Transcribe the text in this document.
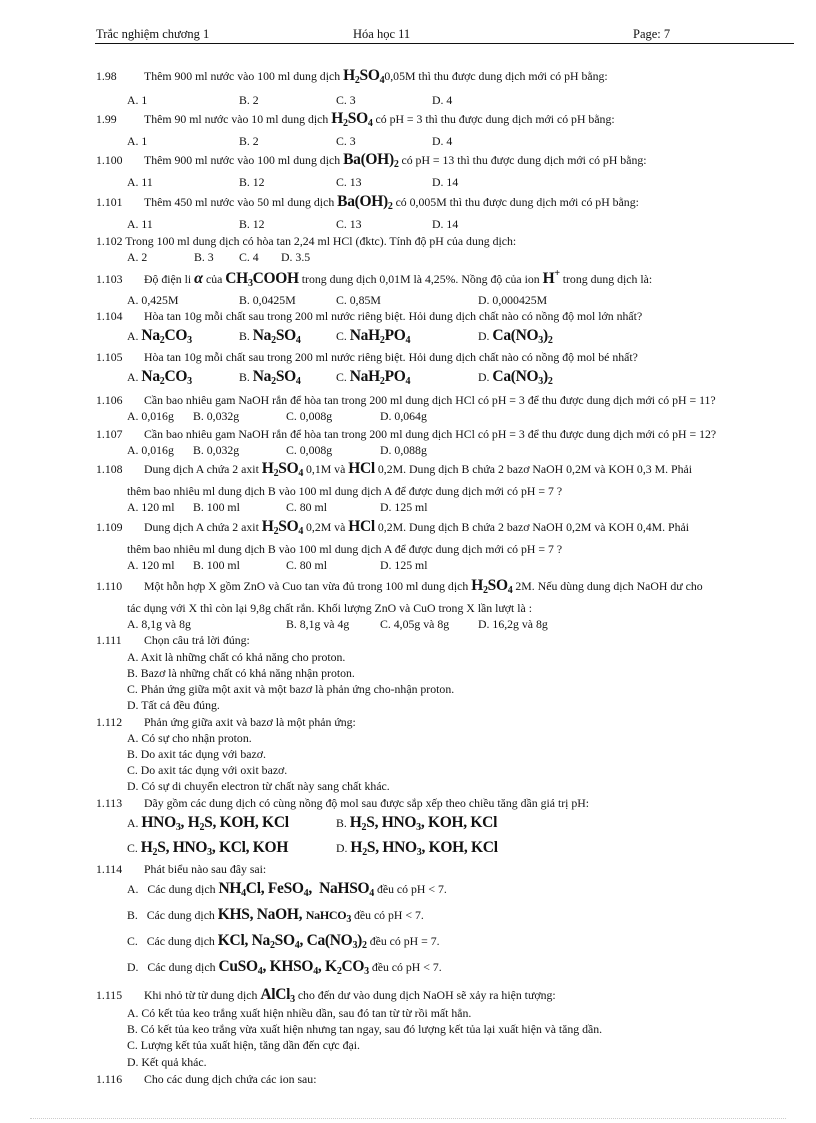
Trắc nghiệm chương 1	Hóa học 11	Page: 7
1.98 Thêm 900 ml nước vào 100 ml dung dịch $H_2SO_40,05M$ thì thu được dung dịch mới có pH bằng:
A. 1	B. 2	C. 3	D. 4
1.99 Thêm 90 ml nước vào 10 ml dung dịch $H_2SO_4$ có pH = 3 thì thu được dung dịch mới có pH bằng:
A. 1	B. 2	C. 3	D. 4
1.100 Thêm 900 ml nước vào 100 ml dung dịch $Ba(OH)_2$ có pH = 13 thì thu được dung dịch mới có pH bằng:
A. 11	B. 12	C. 13	D. 14
1.101 Thêm 450 ml nước vào 50 ml dung dịch $Ba(OH)_2$ có 0,005M thì thu được dung dịch mới có pH bằng:
A. 11	B. 12	C. 13	D. 14
1.102 Trong 100 ml dung dịch có hòa tan 2,24 ml HCl (đktc). Tính độ pH của dung dịch:
A. 2	B. 3 C. 4 D. 3.5
1.103 Độ điện li α của $CH_3COOH$ trong dung dịch 0,01M là 4,25%. Nồng độ của ion H+ trong dung dịch là:
A. 0,425M	B. 0,0425M	C. 0,85M	D. 0,000425M
1.104 Hòa tan 10g mỗi chất sau trong 200 ml nước riêng biệt. Hỏi dung dịch chất nào có nồng độ mol lớn nhất?
A. $Na_2CO_3$	B. $Na_2SO_4$	C. $NaH_2PO_4$	D. $Ca(NO_3)_2$
1.105 Hòa tan 10g mỗi chất sau trong 200 ml nước riêng biệt. Hỏi dung dịch chất nào có nồng độ mol bé nhất?
A. $Na_2CO_3$	B. $Na_2SO_4$	C. $NaH_2PO_4$	D. $Ca(NO_3)_2$
1.106 Cần bao nhiêu gam NaOH rắn để hòa tan trong 200 ml dung dịch HCl có pH = 3 để thu được dung dịch mới có pH = 11?
A. 0,016g B. 0,032g	C. 0,008g	D. 0,064g
1.107 Cần bao nhiêu gam NaOH rắn để hòa tan trong 200 ml dung dịch HCl có pH = 3 để thu được dung dịch mới có pH = 12?
A. 0,016g B. 0,032g	C. 0,008g	D. 0,088g
1.108 Dung dịch A chứa 2 axit $H_2SO_4$ 0,1M và HCl 0,2M. Dung dịch B chứa 2 bazơ NaOH 0,2M và KOH 0,3 M. Phải
thêm bao nhiêu ml dung dịch B vào 100 ml dung dịch A để được dung dịch mới có pH = 7 ?
A. 120 ml B. 100 ml	C. 80 ml	D. 125 ml
1.109 Dung dịch A chứa 2 axit $H_2SO_4$ 0,2M và HCl 0,2M. Dung dịch B chứa 2 bazơ NaOH 0,2M và KOH 0,4M. Phải
thêm bao nhiêu ml dung dịch B vào 100 ml dung dịch A để được dung dịch mới có pH = 7 ?
A. 120 ml B. 100 ml	C. 80 ml	D. 125 ml
1.110 Một hỗn hợp X gồm ZnO và Cuo tan vừa đủ trong 100 ml dung dịch $H_2SO_4$ 2M. Nếu dùng dung dịch NaOH dư cho
tác dụng với X thì còn lại 9,8g chất rắn. Khối lượng ZnO và CuO trong X lần lượt là :
A. 8,1g và 8g	B. 8,1g và 4g	C. 4,05g và 8g D. 16,2g và 8g
1.111 Chọn câu trả lời đúng:
A. Axit là những chất có khả năng cho proton.
B. Bazơ là những chất có khả năng nhận proton.
C. Phản ứng giữa một axit và một bazơ là phản ứng cho-nhận proton.
D. Tất cả đều đúng.
1.112 Phản ứng giữa axit và bazơ là một phản ứng:
A. Có sự cho nhận proton.
B. Do axit tác dụng với bazơ.
C. Do axit tác dụng với oxit bazơ.
D. Có sự di chuyển electron từ chất này sang chất khác.
1.113 Dãy gồm các dung dịch có cùng nồng độ mol sau được sắp xếp theo chiều tăng dần giá trị pH:
A. $HNO_3$, $H_2S$, KOH, KCl	B. $H_2S$, $HNO_3$, KOH, KCl
C. $H_2S$, $HNO_3$, KCl, KOH	D. $H_2S$, $HNO_3$, KOH, KCl
1.114 Phát biểu nào sau đây sai:
A. Các dung dịch $NH_4Cl$, FeSO$_4$,  NaHSO$_4$ đều có pH < 7.
B. Các dung dịch KHS, NaOH, NaHCO$_3$ đều có pH < 7.
C. Các dung dịch KCl, $Na_2SO_4$, $Ca(NO_3)_2$ đều có pH = 7.
D. Các dung dịch CuSO$_4$, $KHSO_4$, $K_2CO_3$ đều có pH < 7.
1.115 Khi nhỏ từ từ dung dịch AlCl$_3$ cho đến dư vào dung dịch NaOH sẽ xảy ra hiện tượng:
A. Có kết tủa keo trắng xuất hiện nhiều dần, sau đó tan từ từ rồi mất hẳn.
B. Có kết tủa keo trắng vừa xuất hiện nhưng tan ngay, sau đó lượng kết tủa lại xuất hiện và tăng dần.
C. Lượng kết tủa xuất hiện, tăng dần đến cực đại.
D. Kết quả khác.
1.116 Cho các dung dịch chứa các ion sau:
